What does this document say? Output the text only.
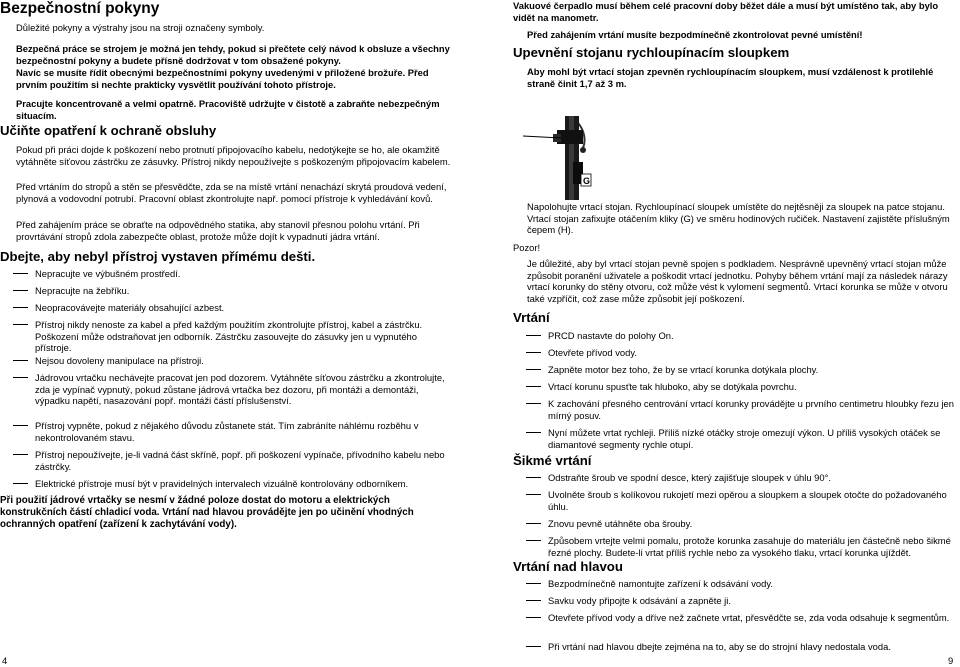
Bezpečnostní pokyny

Důležité pokyny a výstrahy jsou na stroji označeny symboly.

Bezpečná práce se strojem je možná jen tehdy, pokud si přečtete celý návod k obsluze a všechny bezpečnostní pokyny a budete přísně dodržovat v tom obsažené pokyny.

Navíc se musíte řídit obecnými bezpečnostními pokyny uvedenými v přiložené brožuře. Před prvním použitím si nechte prakticky vysvětlit používání tohoto přístroje.

Pracujte koncentrovaně a velmi opatrně. Pracoviště udržujte v čistotě a zabraňte nebezpečným situacím.

Učiňte opatření k ochraně obsluhy

Pokud při práci dojde k poškození nebo protnutí připojovacího kabelu, nedotýkejte se ho, ale okamžitě vytáhněte síťovou zástrčku ze zásuvky. Přístroj nikdy nepoužívejte s poškozeným připojovacím kabelem.

Před vrtáním do stropů a stěn se přesvědčte, zda se na místě vrtání nenachází skrytá proudová vedení, plynová a vodovodní potrubí. Pracovní oblast zkontrolujte např. pomocí přístroje k vyhledávání kovů.

Před zahájením práce se obraťte na odpovědného statika, aby stanovil přesnou polohu vrtání. Při provrtávání stropů zdola zabezpečte oblast, protože může dojít k vypadnutí jádra vrtání.

Dbejte, aby nebyl přístroj vystaven přímému dešti.

Nepracujte ve výbušném prostředí.

Nepracujte na žebříku.

Neopracovávejte materiály obsahující azbest.

Přístroj nikdy nenoste za kabel a před každým použitím zkontrolujte přístroj, kabel a zástrčku. Poškození může odstraňovat jen odborník. Zástrčku zasouvejte do zásuvky jen u vypnutého přístroje.

Nejsou dovoleny manipulace na přístroji.

Jádrovou vrtačku nechávejte pracovat jen pod dozorem. Vytáhněte síťovou zástrčku a zkontrolujte, zda je vypínač vypnutý, pokud zůstane jádrová vrtačka bez dozoru, při montáži a demontáži, výpadku napětí, nasazování popř. montáži částí příslušenství.

Přístroj vypněte, pokud z nějakého důvodu zůstanete stát. Tím zabráníte náhlému rozběhu v nekontrolovaném stavu.

Přístroj nepoužívejte, je-li vadná část skříně, popř. při poškození vypínače, přívodního kabelu nebo zástrčky.

Elektrické přístroje musí být v pravidelných intervalech vizuálně kontrolovány odborníkem.

Při použití jádrové vrtačky se nesmí v žádné poloze dostat do motoru a elektrických konstrukčních částí chladicí voda. Vrtání nad hlavou provádějte jen po učinění vhodných ochranných opatření (zařízení k zachytávání vody).

4

Vakuové čerpadlo musí během celé pracovní doby běžet dále a musí být umístěno tak, aby bylo vidět na manometr.

Před zahájením vrtání musíte bezpodmínečně zkontrolovat pevné umístění!

Upevnění stojanu rychloupínacím sloupkem

Aby mohl být vrtací stojan zpevněn rychloupínacím sloupkem, musí vzdálenost k protilehlé straně činit 1,7 až 3 m.

Napolohujte vrtací stojan. Rychloupínací sloupek umístěte do nejtěsněji za sloupek na patce stojanu. Vrtací stojan zafixujte otáčením kliky (G) ve směru hodinových ručiček. Nastavení zajistěte příslušným čepem (H).

Pozor!

Je důležité, aby byl vrtací stojan pevně spojen s podkladem. Nesprávně upevněný vrtací stojan může způsobit poranění uživatele a poškodit vrtací jednotku. Pohyby během vrtání mají za následek nárazy vrtací korunky do stěny otvoru, což může vést k vylomení segmentů. Vrtací korunka se může v otvoru také vzpříčit, což zase může způsobit její poškození.

Vrtání

PRCD nastavte do polohy On.

Otevřete přívod vody.

Zapněte motor bez toho, že by se vrtací korunka dotýkala plochy.

Vrtací korunu spusťte tak hluboko, aby se dotýkala povrchu.

K zachování přesného centrování vrtací korunky provádějte u prvního centimetru hloubky řezu jen mírný posuv.

Nyní můžete vrtat rychleji. Příliš nízké otáčky stroje omezují výkon. U příliš vysokých otáček se diamantové segmenty rychle otupí.

Šikmé vrtání

Odstraňte šroub ve spodní desce, který zajišťuje sloupek v úhlu 90°.

Uvolněte šroub s kolíkovou rukojetí mezi opěrou a sloupkem a sloupek otočte do požadovaného úhlu.

Znovu pevně utáhněte oba šrouby.

Způsobem vrtejte velmi pomalu, protože korunka zasahuje do materiálu jen částečně nebo šikmé řezné plochy. Budete-li vrtat příliš rychle nebo za vysokého tlaku, vrtací korunka ujíždět.

Vrtání nad hlavou

Bezpodmínečně namontujte zařízení k odsávání vody.

Savku vody připojte k odsávání a zapněte ji.

Otevřete přívod vody a dříve než začnete vrtat, přesvědčte se, zda voda odsahuje k segmentům.

Při vrtání nad hlavou dbejte zejména na to, aby se do strojní hlavy nedostala voda.

9
G
